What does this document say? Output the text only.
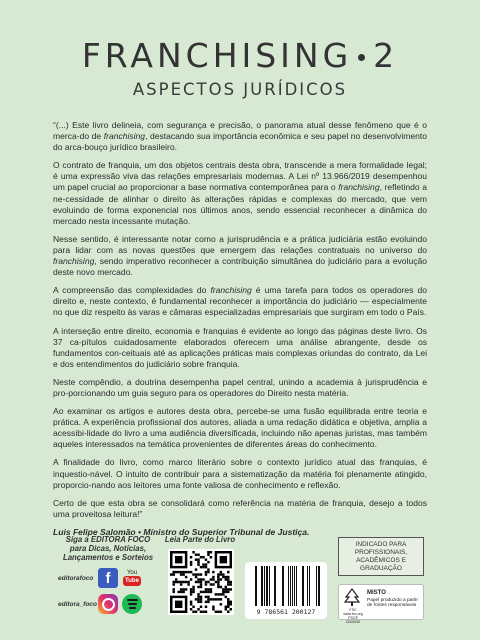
FRANCHISING 2
ASPECTOS JURÍDICOS

“(...) Este livro delineia, com segurança e precisão, o panorama atual desse fenômeno que é o merca-do de franchising, destacando sua importância econômica e seu papel no desenvolvimento do arca-bouço jurídico brasileiro.

O contrato de franquia, um dos objetos centrais desta obra, transcende a mera formalidade legal; é uma expressão viva das relações empresariais modernas. A Lei nº 13.966/2019 desempenhou um papel crucial ao proporcionar a base normativa contemporânea para o franchising, refletindo a ne-cessidade de alinhar o direito às alterações rápidas e complexas do mercado, que vem evoluindo de forma exponencial nos últimos anos, sendo essencial reconhecer a dinâmica do mercado nesta incessante mutação.

Nesse sentido, é interessante notar como a jurisprudência e a prática judiciária estão evoluindo para lidar com as novas questões que emergem das relações contratuais no universo do franchising, sendo imperativo reconhecer a contribuição simultânea do judiciário para a evolução deste novo mercado.

A compreensão das complexidades do franchising é uma tarefa para todos os operadores do direito e, neste contexto, é fundamental reconhecer a importância do judiciário — especialmente no que diz respeito às varas e câmaras especializadas empresariais que surgiram em todo o País.

A interseção entre direito, economia e franquias é evidente ao longo das páginas deste livro. Os 37 ca-pítulos cuidadosamente elaborados oferecem uma análise abrangente, desde os fundamentos con-ceituais até as aplicações práticas mais complexas oriundas do contrato, da Lei e dos entendimentos do judiciário sobre franquia.

Neste compêndio, a doutrina desempenha papel central, unindo a academia à jurisprudência e pro-porcionando um guia seguro para os operadores do Direito nesta matéria.

Ao examinar os artigos e autores desta obra, percebe-se uma fusão equilibrada entre teoria e prática. A experiência profissional dos autores, aliada a uma redação didática e objetiva, amplia a acessibi-lidade do livro a uma audiência diversificada, incluindo não apenas juristas, mas também aqueles interessados na temática provenientes de diferentes áreas do conhecimento.

A finalidade do livro, como marco literário sobre o contexto jurídico atual das franquias, é inquestio-nável. O intuito de contribuir para a sistematização da matéria foi plenamente atingido, proporcio-nando aos leitores uma fonte valiosa de conhecimento e reflexão.

Certo de que esta obra se consolidará como referência na matéria de franquia, desejo a todos uma proveitosa leitura!”

Luis Felipe Salomão • Ministro do Superior Tribunal de Justiça.

Siga a EDITORA FOCO
para Dicas, Notícias,
Lançamentos e Sorteios
editorafoco f	You
Tube
editora_foco
Leia Parte do Livro
9 786561 200127
INDICADO PARA
PROFISSIONAIS,
ACADÊMICOS E
GRADUAÇÃO
FSC
www.fsc.org
FSC® C000000
MISTO
Papel produzido a partir de fontes responsáveis
